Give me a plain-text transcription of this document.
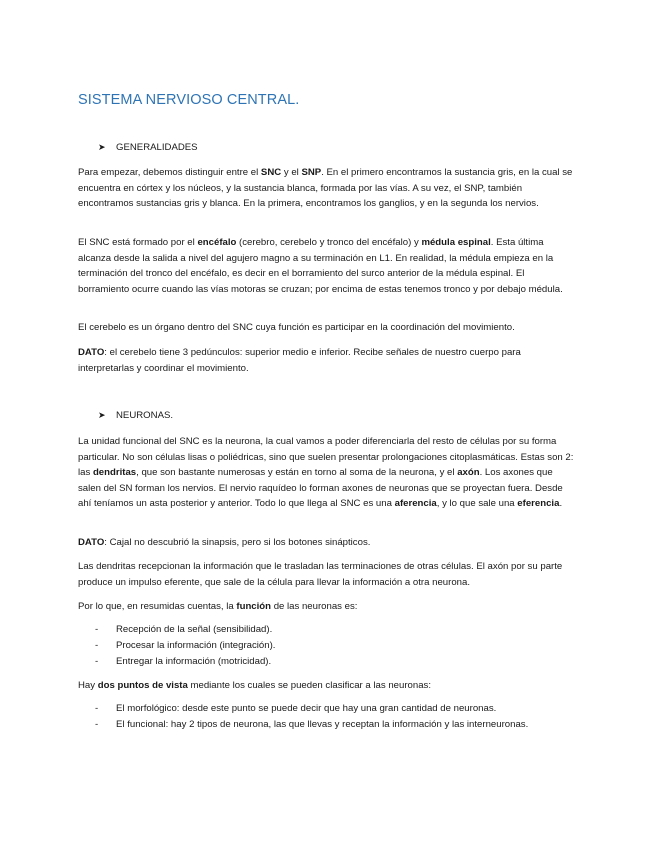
SISTEMA NERVIOSO CENTRAL.
➤ GENERALIDADES

Para empezar, debemos distinguir entre el SNC y el SNP. En el primero encontramos la sustancia gris, en la cual se encuentra en córtex y los núcleos, y la sustancia blanca, formada por las vías. A su vez, el SNP, también encontramos sustancias gris y blanca. En la primera, encontramos los ganglios, y en la segunda los nervios.

El SNC está formado por el encéfalo (cerebro, cerebelo y tronco del encéfalo) y médula espinal. Esta última alcanza desde la salida a nivel del agujero magno a su terminación en L1. En realidad, la médula empieza en la terminación del tronco del encéfalo, es decir en el borramiento del surco anterior de la médula espinal. El borramiento ocurre cuando las vías motoras se cruzan; por encima de estas tenemos tronco y por debajo médula.

El cerebelo es un órgano dentro del SNC cuya función es participar en la coordinación del movimiento.

DATO: el cerebelo tiene 3 pedúnculos: superior medio e inferior. Recibe señales de nuestro cuerpo para interpretarlas y coordinar el movimiento.

➤ NEURONAS.

La unidad funcional del SNC es la neurona, la cual vamos a poder diferenciarla del resto de células por su forma particular. No son células lisas o poliédricas, sino que suelen presentar prolongaciones citoplasmáticas. Estas son 2: las dendritas, que son bastante numerosas y están en torno al soma de la neurona, y el axón. Los axones que salen del SN forman los nervios. El nervio raquídeo lo forman axones de neuronas que se proyectan fuera. Desde ahí teníamos un asta posterior y anterior. Todo lo que llega al SNC es una aferencia, y lo que sale una eferencia.

DATO: Cajal no descubrió la sinapsis, pero si los botones sinápticos.

Las dendritas recepcionan la información que le trasladan las terminaciones de otras células. El axón por su parte produce un impulso eferente, que sale de la célula para llevar la información a otra neurona.

Por lo que, en resumidas cuentas, la función de las neuronas es:

-	Recepción de la señal (sensibilidad).
-	Procesar la información (integración).
-	Entregar la información (motricidad).

Hay dos puntos de vista mediante los cuales se pueden clasificar a las neuronas:

-	El morfológico: desde este punto se puede decir que hay una gran cantidad de neuronas.
-	El funcional: hay 2 tipos de neurona, las que llevas y receptan la información y las interneuronas.
